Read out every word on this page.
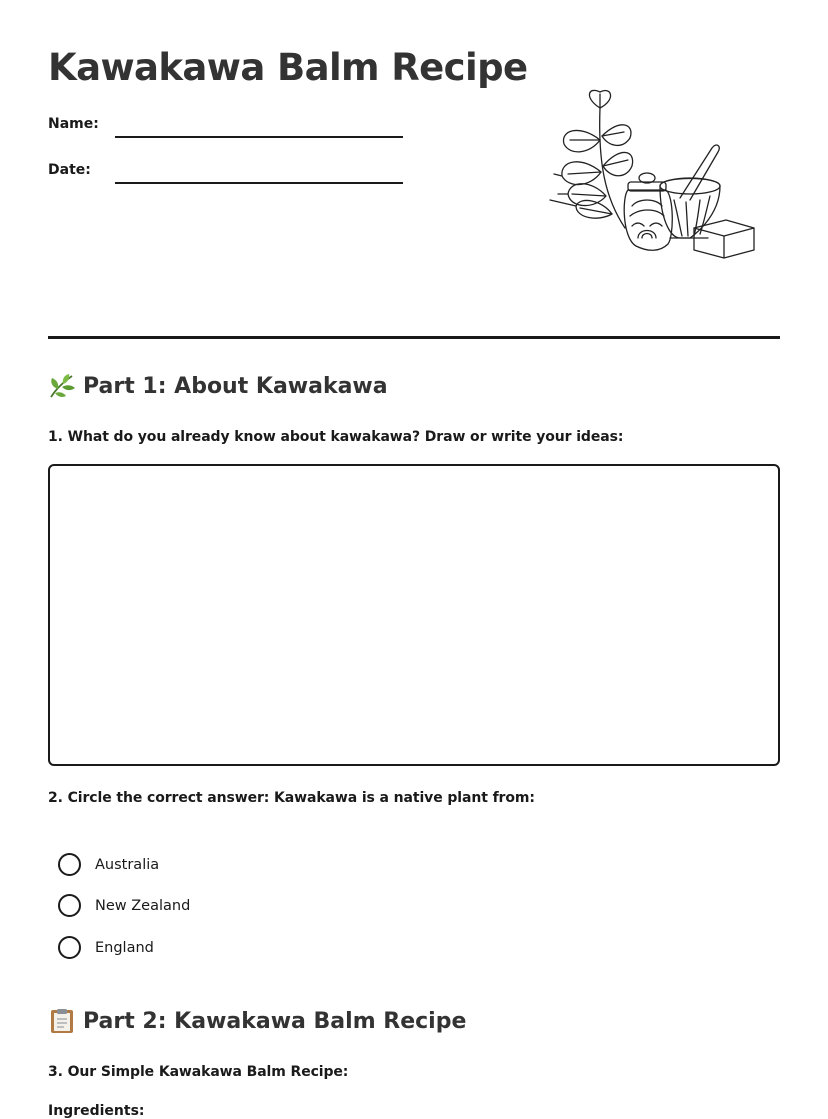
Kawakawa Balm Recipe
Name:
Date:
Part 1: About Kawakawa

1. What do you already know about kawakawa? Draw or write your ideas:

2. Circle the correct answer: Kawakawa is a native plant from:

Australia
New Zealand
England
Part 2: Kawakawa Balm Recipe

3. Our Simple Kawakawa Balm Recipe:

Ingredients:
